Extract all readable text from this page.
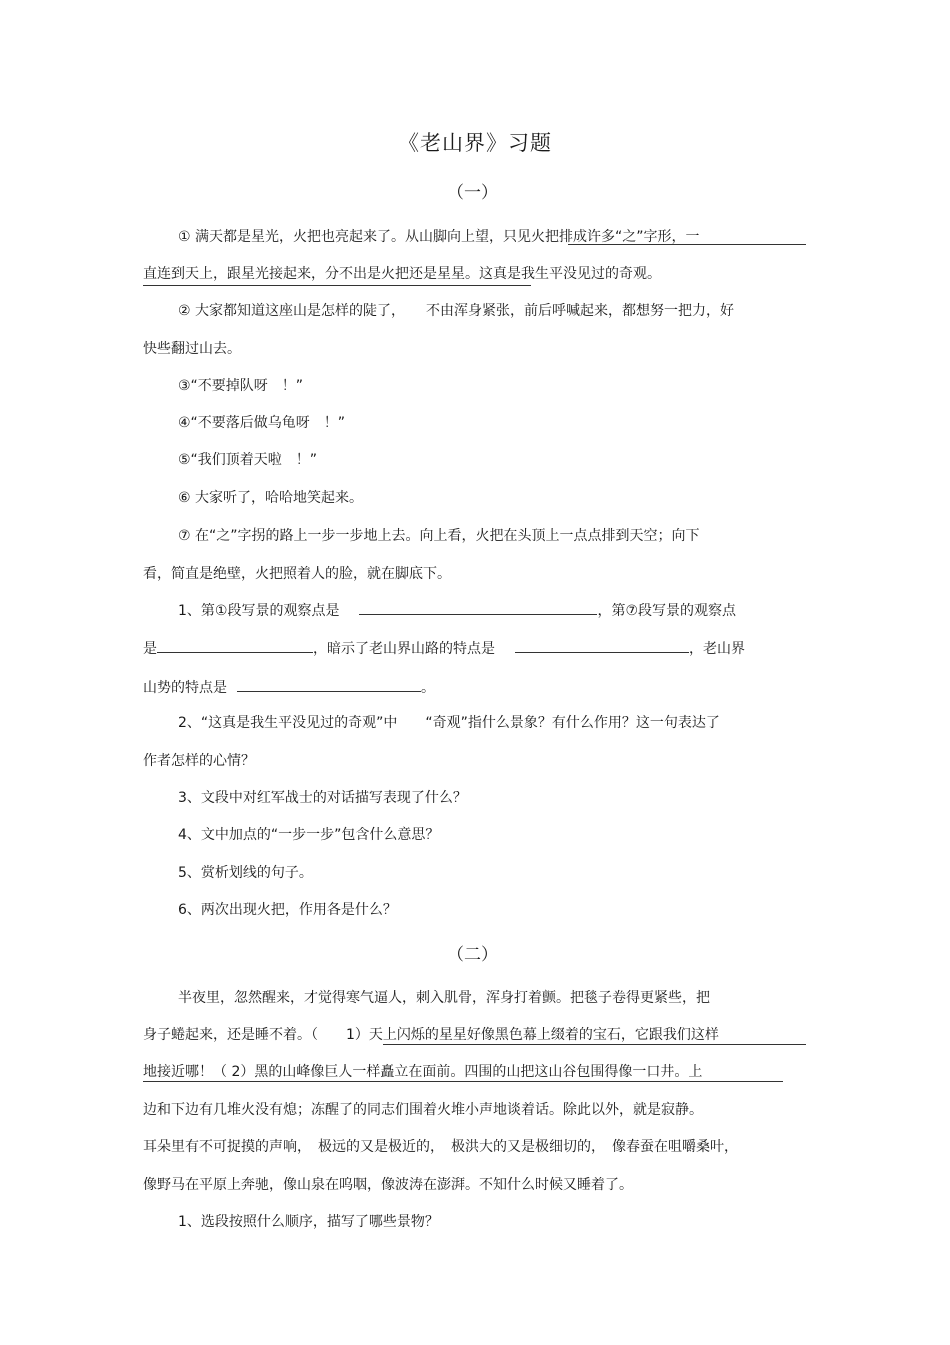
《老山界》习题
（一）
① 满天都是星光，火把也亮起来了。从山脚向上望，只见火把排成许多“之”字形，一
直连到天上，跟星光接起来，分不出是火把还是星星。这真是我生平没见过的奇观。
② 大家都知道这座山是怎样的陡了，　　不由浑身紧张，前后呼喊起来，都想努一把力，好
快些翻过山去。
③“不要掉队呀　！”
④“不要落后做乌龟呀　！”
⑤“我们顶着天啦　！”
⑥ 大家听了，哈哈地笑起来。
⑦ 在“之”字拐的路上一步一步地上去。向上看，火把在头顶上一点点排到天空；向下
看，简直是绝壁，火把照着人的脸，就在脚底下。
1、第①段写景的观察点是	，第⑦段写景的观察点
是	，暗示了老山界山路的特点是	，老山界
山势的特点是	。
2、“这真是我生平没见过的奇观”中　　“奇观”指什么景象？有什么作用？这一句表达了
作者怎样的心情？
3、文段中对红军战士的对话描写表现了什么？
4、文中加点的“一步一步”包含什么意思？
5、赏析划线的句子。
6、两次出现火把，作用各是什么？
（二）
半夜里，忽然醒来，才觉得寒气逼人，刺入肌骨，浑身打着颤。把毯子卷得更紧些，把
身子蜷起来，还是睡不着。（　　1）天上闪烁的星星好像黑色幕上缀着的宝石，它跟我们这样
地接近哪！（ 2）黑的山峰像巨人一样矗立在面前。四围的山把这山谷包围得像一口井。上
边和下边有几堆火没有熄；冻醒了的同志们围着火堆小声地谈着话。除此以外，就是寂静。
耳朵里有不可捉摸的声响，　极远的又是极近的，　极洪大的又是极细切的，　像春蚕在咀嚼桑叶，
像野马在平原上奔驰，像山泉在呜咽，像波涛在澎湃。不知什么时候又睡着了。
1、选段按照什么顺序，描写了哪些景物？
